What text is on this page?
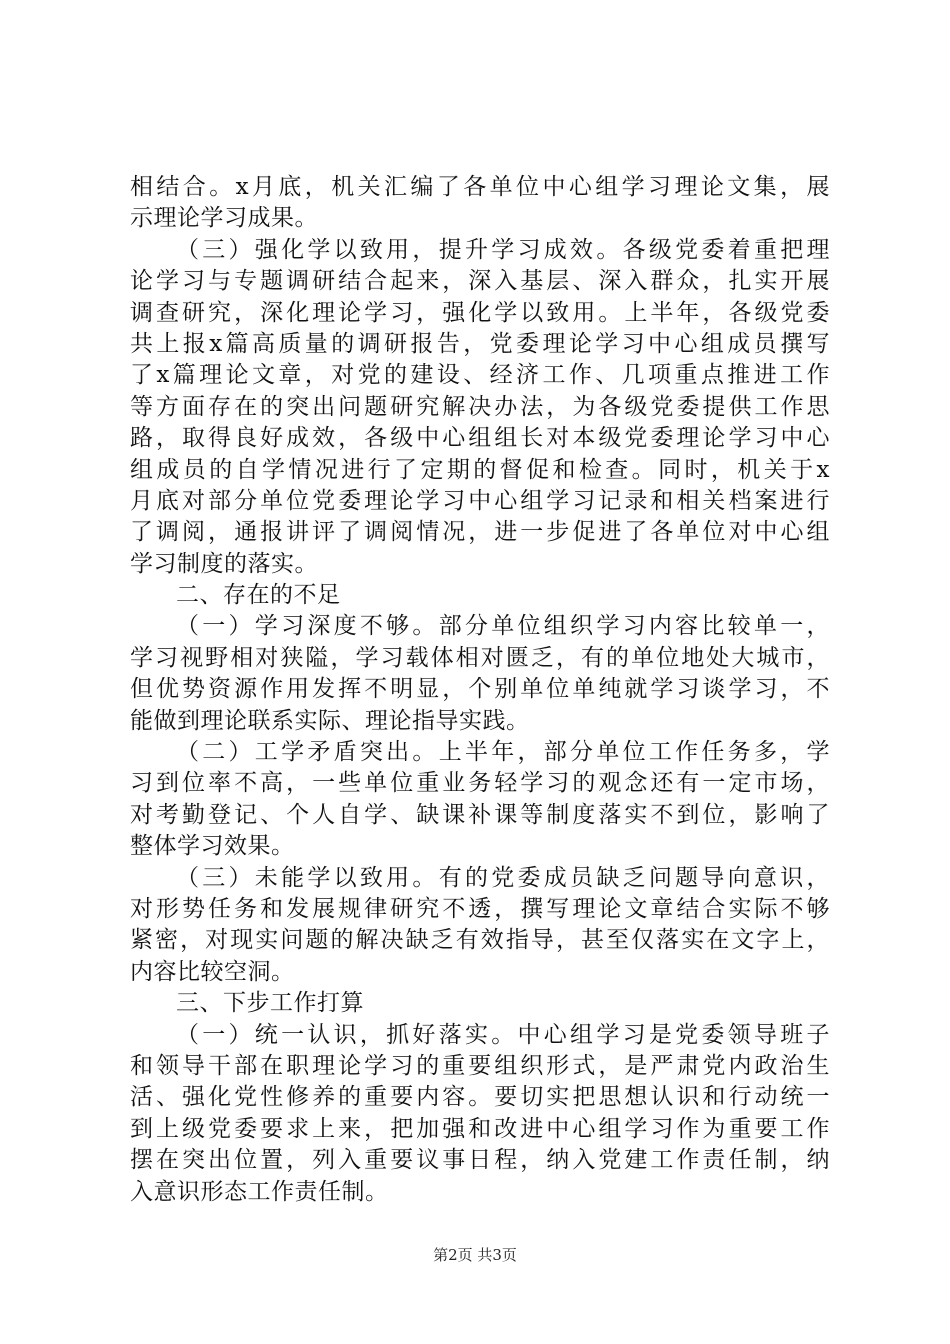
相结合。x月底，机关汇编了各单位中心组学习理论文集，展
示理论学习成果。
（三）强化学以致用，提升学习成效。各级党委着重把理
论学习与专题调研结合起来，深入基层、深入群众，扎实开展
调查研究，深化理论学习，强化学以致用。上半年，各级党委
共上报x篇高质量的调研报告，党委理论学习中心组成员撰写
了x篇理论文章，对党的建设、经济工作、几项重点推进工作
等方面存在的突出问题研究解决办法，为各级党委提供工作思
路，取得良好成效，各级中心组组长对本级党委理论学习中心
组成员的自学情况进行了定期的督促和检查。同时，机关于x
月底对部分单位党委理论学习中心组学习记录和相关档案进行
了调阅，通报讲评了调阅情况，进一步促进了各单位对中心组
学习制度的落实。
二、存在的不足
（一）学习深度不够。部分单位组织学习内容比较单一，
学习视野相对狭隘，学习载体相对匮乏，有的单位地处大城市，
但优势资源作用发挥不明显，个别单位单纯就学习谈学习，不
能做到理论联系实际、理论指导实践。
（二）工学矛盾突出。上半年，部分单位工作任务多，学
习到位率不高，一些单位重业务轻学习的观念还有一定市场，
对考勤登记、个人自学、缺课补课等制度落实不到位，影响了
整体学习效果。
（三）未能学以致用。有的党委成员缺乏问题导向意识，
对形势任务和发展规律研究不透，撰写理论文章结合实际不够
紧密，对现实问题的解决缺乏有效指导，甚至仅落实在文字上，
内容比较空洞。
三、下步工作打算
（一）统一认识，抓好落实。中心组学习是党委领导班子
和领导干部在职理论学习的重要组织形式，是严肃党内政治生
活、强化党性修养的重要内容。要切实把思想认识和行动统一
到上级党委要求上来，把加强和改进中心组学习作为重要工作
摆在突出位置，列入重要议事日程，纳入党建工作责任制，纳
入意识形态工作责任制。
第2页 共3页
